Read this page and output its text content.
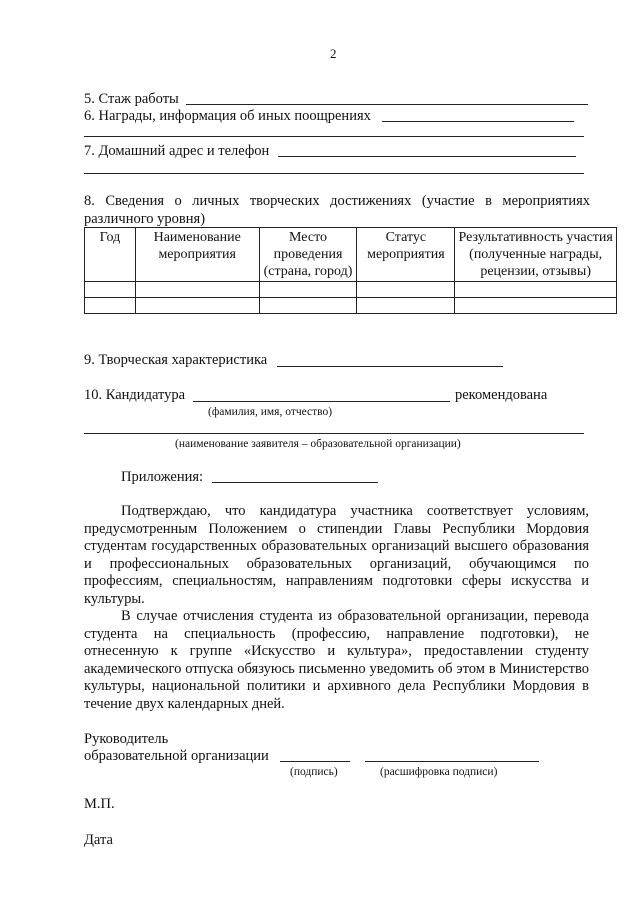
2
5. Стаж работы
6. Награды, информация об иных поощрениях
7. Домашний адрес и телефон
8. Сведения о личных творческих достижениях (участие в мероприятиях различного уровня)
Год	Наименование мероприятия	Место проведения (страна, город)	Статус мероприятия	Результативность участия (полученные награды, рецензии, отзывы)

9. Творческая характеристика
10. Кандидатура	рекомендована
(фамилия, имя, отчество)
(наименование заявителя – образовательной организации)
Приложения:
Подтверждаю, что кандидатура участника соответствует условиям, предусмотренным Положением о стипендии Главы Республики Мордовия студентам государственных образовательных организаций высшего образования и профессиональных образовательных организаций, обучающимся по профессиям, специальностям, направлениям подготовки сферы искусства и культуры.
В случае отчисления студента из образовательной организации, перевода студента на специальность (профессию, направление подготовки), не отнесенную к группе «Искусство и культура», предоставлении студенту академического отпуска обязуюсь письменно уведомить об этом в Министерство культуры, национальной политики и архивного дела Республики Мордовия в течение двух календарных дней.
Руководитель
образовательной организации
(подпись)	(расшифровка подписи)
М.П.
Дата
